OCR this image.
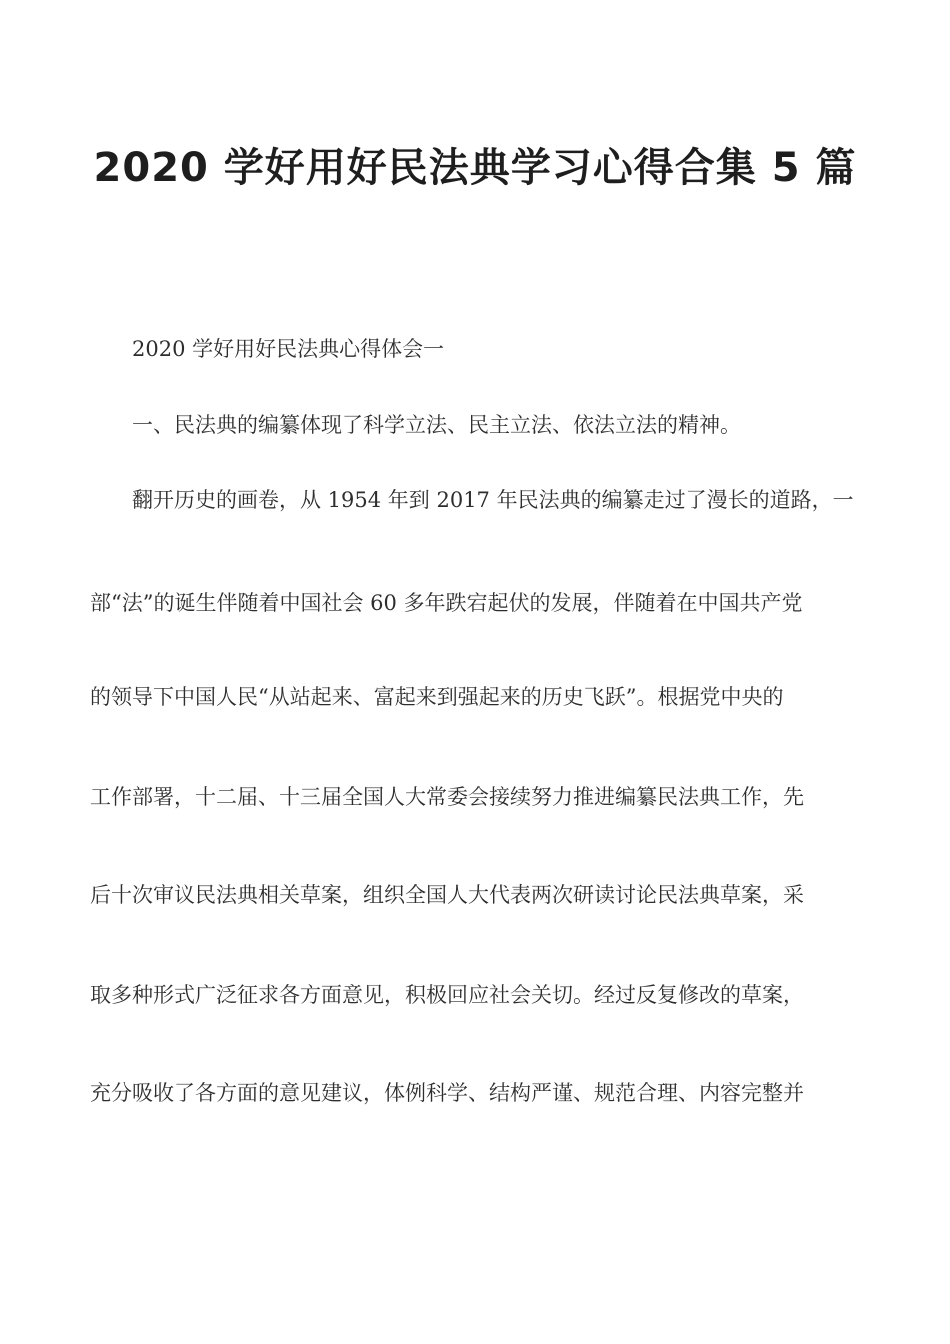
2020 学好用好民法典学习心得合集 5 篇
2020 学好用好民法典心得体会一
一、民法典的编纂体现了科学立法、民主立法、依法立法的精神。
翻开历史的画卷，从 1954 年到 2017 年民法典的编纂走过了漫长的道路，一
部“法”的诞生伴随着中国社会 60 多年跌宕起伏的发展，伴随着在中国共产党
的领导下中国人民“从站起来、富起来到强起来的历史飞跃”。根据党中央的
工作部署，十二届、十三届全国人大常委会接续努力推进编纂民法典工作，先
后十次审议民法典相关草案，组织全国人大代表两次研读讨论民法典草案，采
取多种形式广泛征求各方面意见，积极回应社会关切。经过反复修改的草案，
充分吸收了各方面的意见建议，体例科学、结构严谨、规范合理、内容完整并
